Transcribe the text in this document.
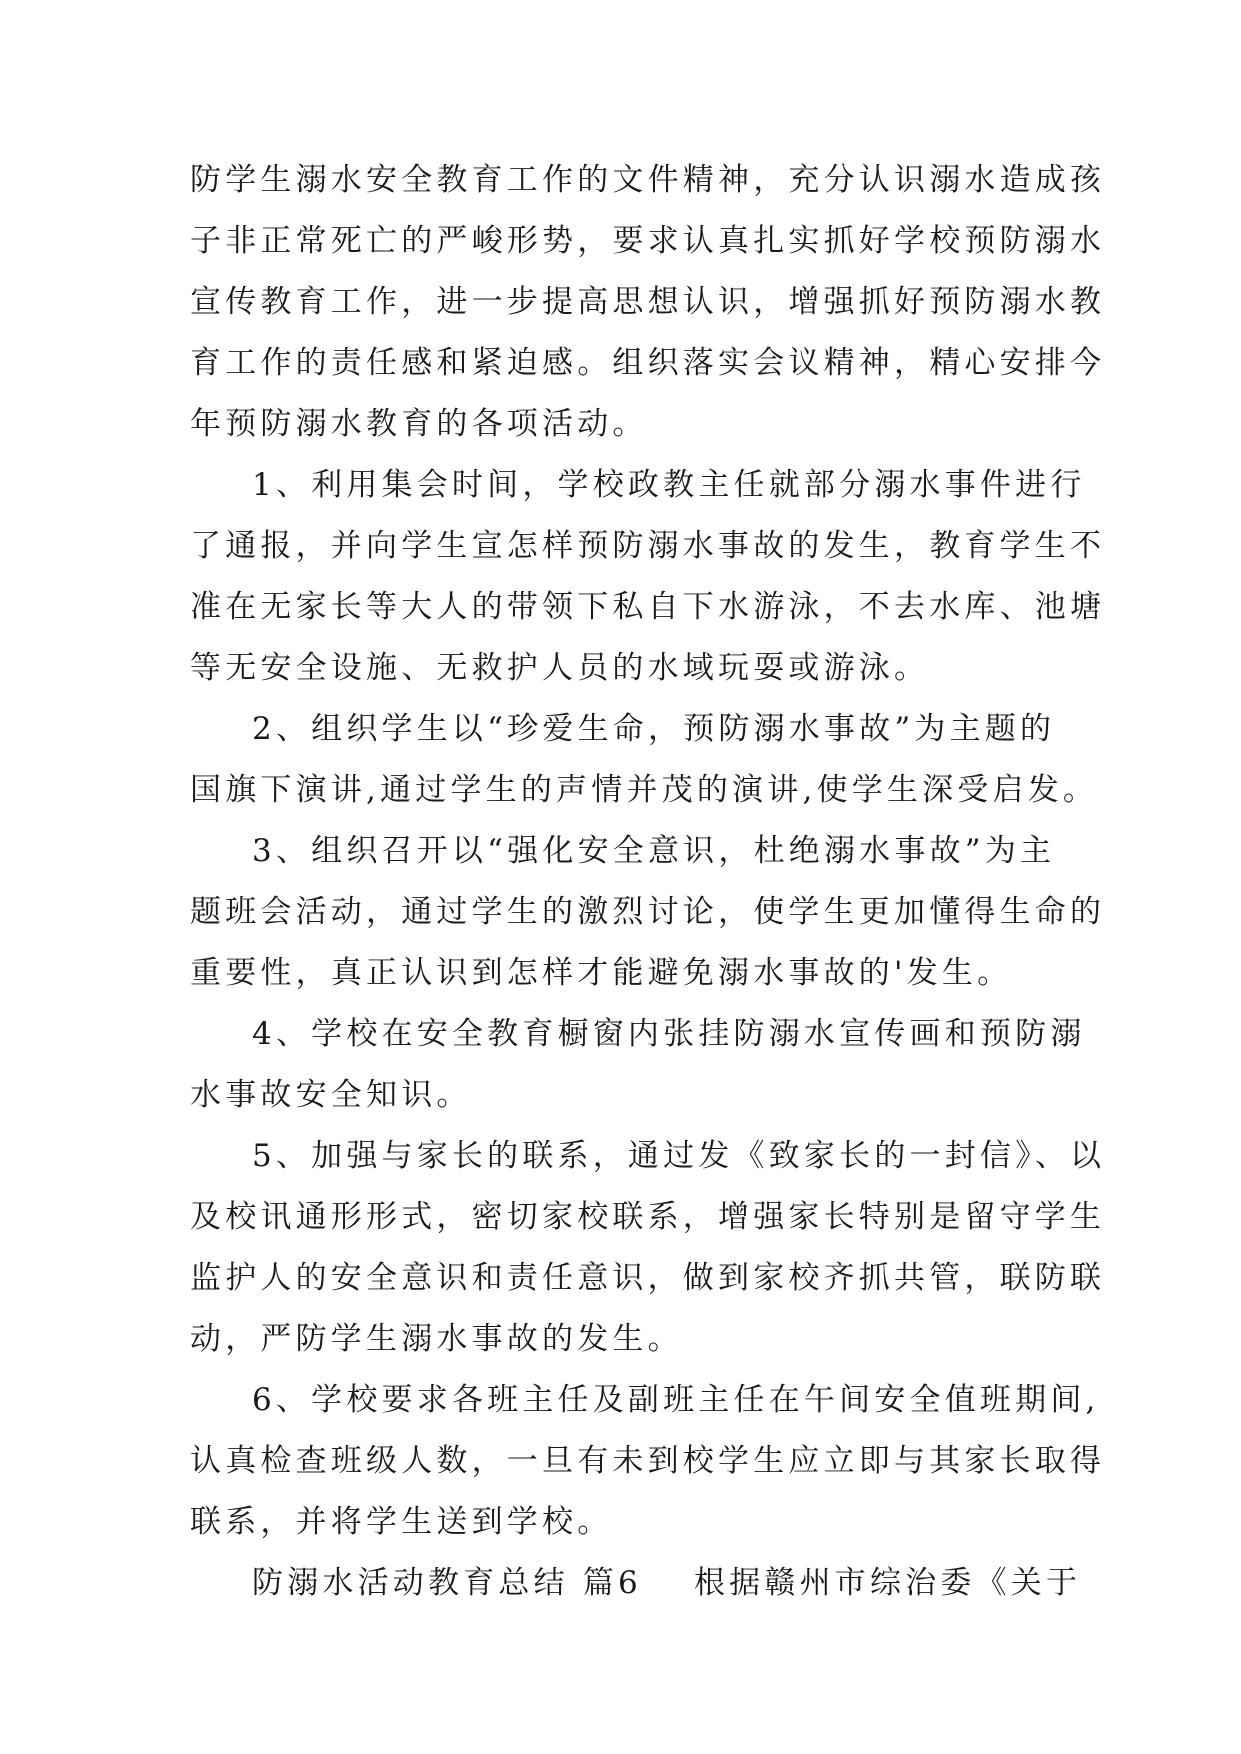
防学生溺水安全教育工作的文件精神，充分认识溺水造成孩
子非正常死亡的严峻形势，要求认真扎实抓好学校预防溺水
宣传教育工作，进一步提高思想认识，增强抓好预防溺水教
育工作的责任感和紧迫感。组织落实会议精神，精心安排今
年预防溺水教育的各项活动。
1、利用集会时间，学校政教主任就部分溺水事件进行
了通报，并向学生宣怎样预防溺水事故的发生，教育学生不
准在无家长等大人的带领下私自下水游泳，不去水库、池塘
等无安全设施、无救护人员的水域玩耍或游泳。
2、组织学生以“珍爱生命，预防溺水事故”为主题的
国旗下演讲,通过学生的声情并茂的演讲,使学生深受启发。
3、组织召开以“强化安全意识，杜绝溺水事故”为主
题班会活动，通过学生的激烈讨论，使学生更加懂得生命的
重要性，真正认识到怎样才能避免溺水事故的'发生。
4、学校在安全教育橱窗内张挂防溺水宣传画和预防溺
水事故安全知识。
5、加强与家长的联系，通过发《致家长的一封信》、以
及校讯通形形式，密切家校联系，增强家长特别是留守学生
监护人的安全意识和责任意识，做到家校齐抓共管，联防联
动，严防学生溺水事故的发生。
6、学校要求各班主任及副班主任在午间安全值班期间,
认真检查班级人数，一旦有未到校学生应立即与其家长取得
联系，并将学生送到学校。
防溺水活动教育总结 篇6 根据赣州市综治委《关于
